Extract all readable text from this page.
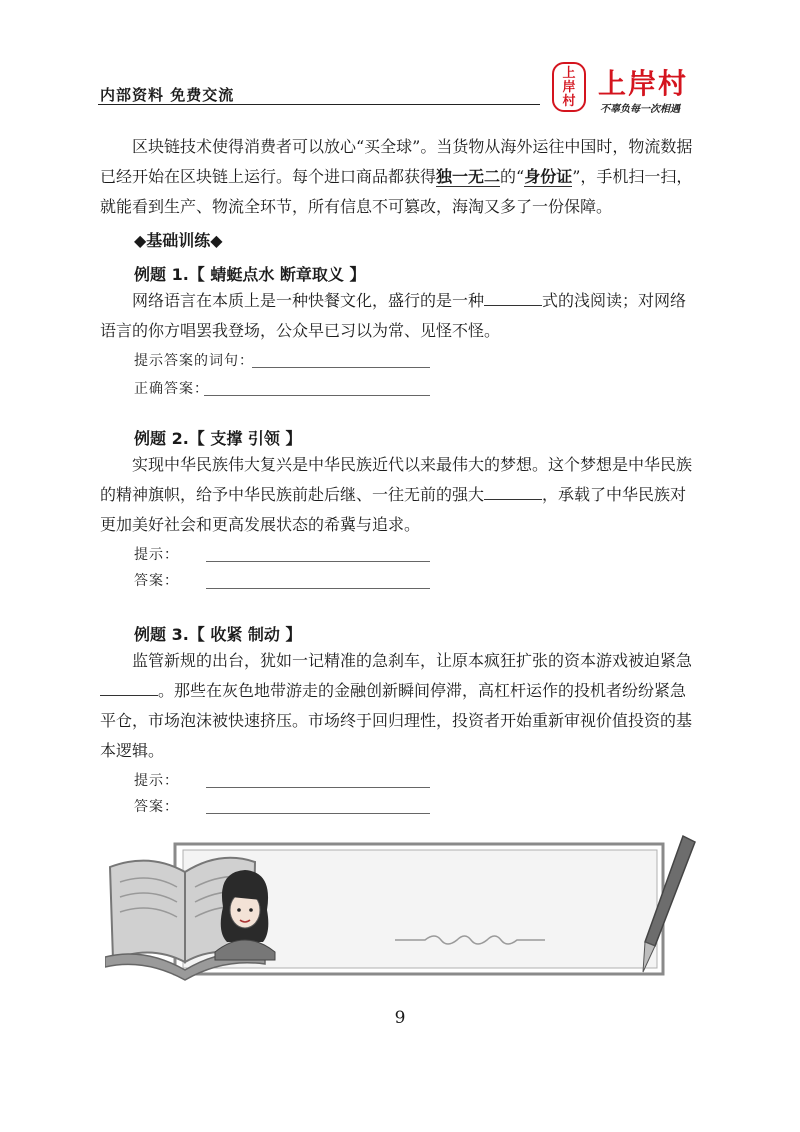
内部资料 免费交流
上
岸
村
上岸村
不辜负每一次相遇

区块链技术使得消费者可以放心“买全球”。当货物从海外运往中国时，物流数据已经开始在区块链上运行。每个进口商品都获得独一无二的“身份证”，手机扫一扫，就能看到生产、物流全环节，所有信息不可篡改，海淘又多了一份保障。

◆基础训练◆
例题 1.【 蜻蜓点水 断章取义 】

网络语言在本质上是一种快餐文化，盛行的是一种	式的浅阅读；对网络语言的你方唱罢我登场，公众早已习以为常、见怪不怪。

提示答案的词句：
正确答案：
例题 2.【 支撑 引领 】

实现中华民族伟大复兴是中华民族近代以来最伟大的梦想。这个梦想是中华民族的精神旗帜，给予中华民族前赴后继、一往无前的强大	，承载了中华民族对更加美好社会和更高发展状态的希冀与追求。

提示：
答案：
例题 3.【 收紧 制动 】

监管新规的出台，犹如一记精准的急刹车，让原本疯狂扩张的资本游戏被迫紧急。那些在灰色地带游走的金融创新瞬间停滞，高杠杆运作的投机者纷纷紧急平仓，市场泡沫被快速挤压。市场终于回归理性，投资者开始重新审视价值投资的基本逻辑。

提示：
答案：
9
